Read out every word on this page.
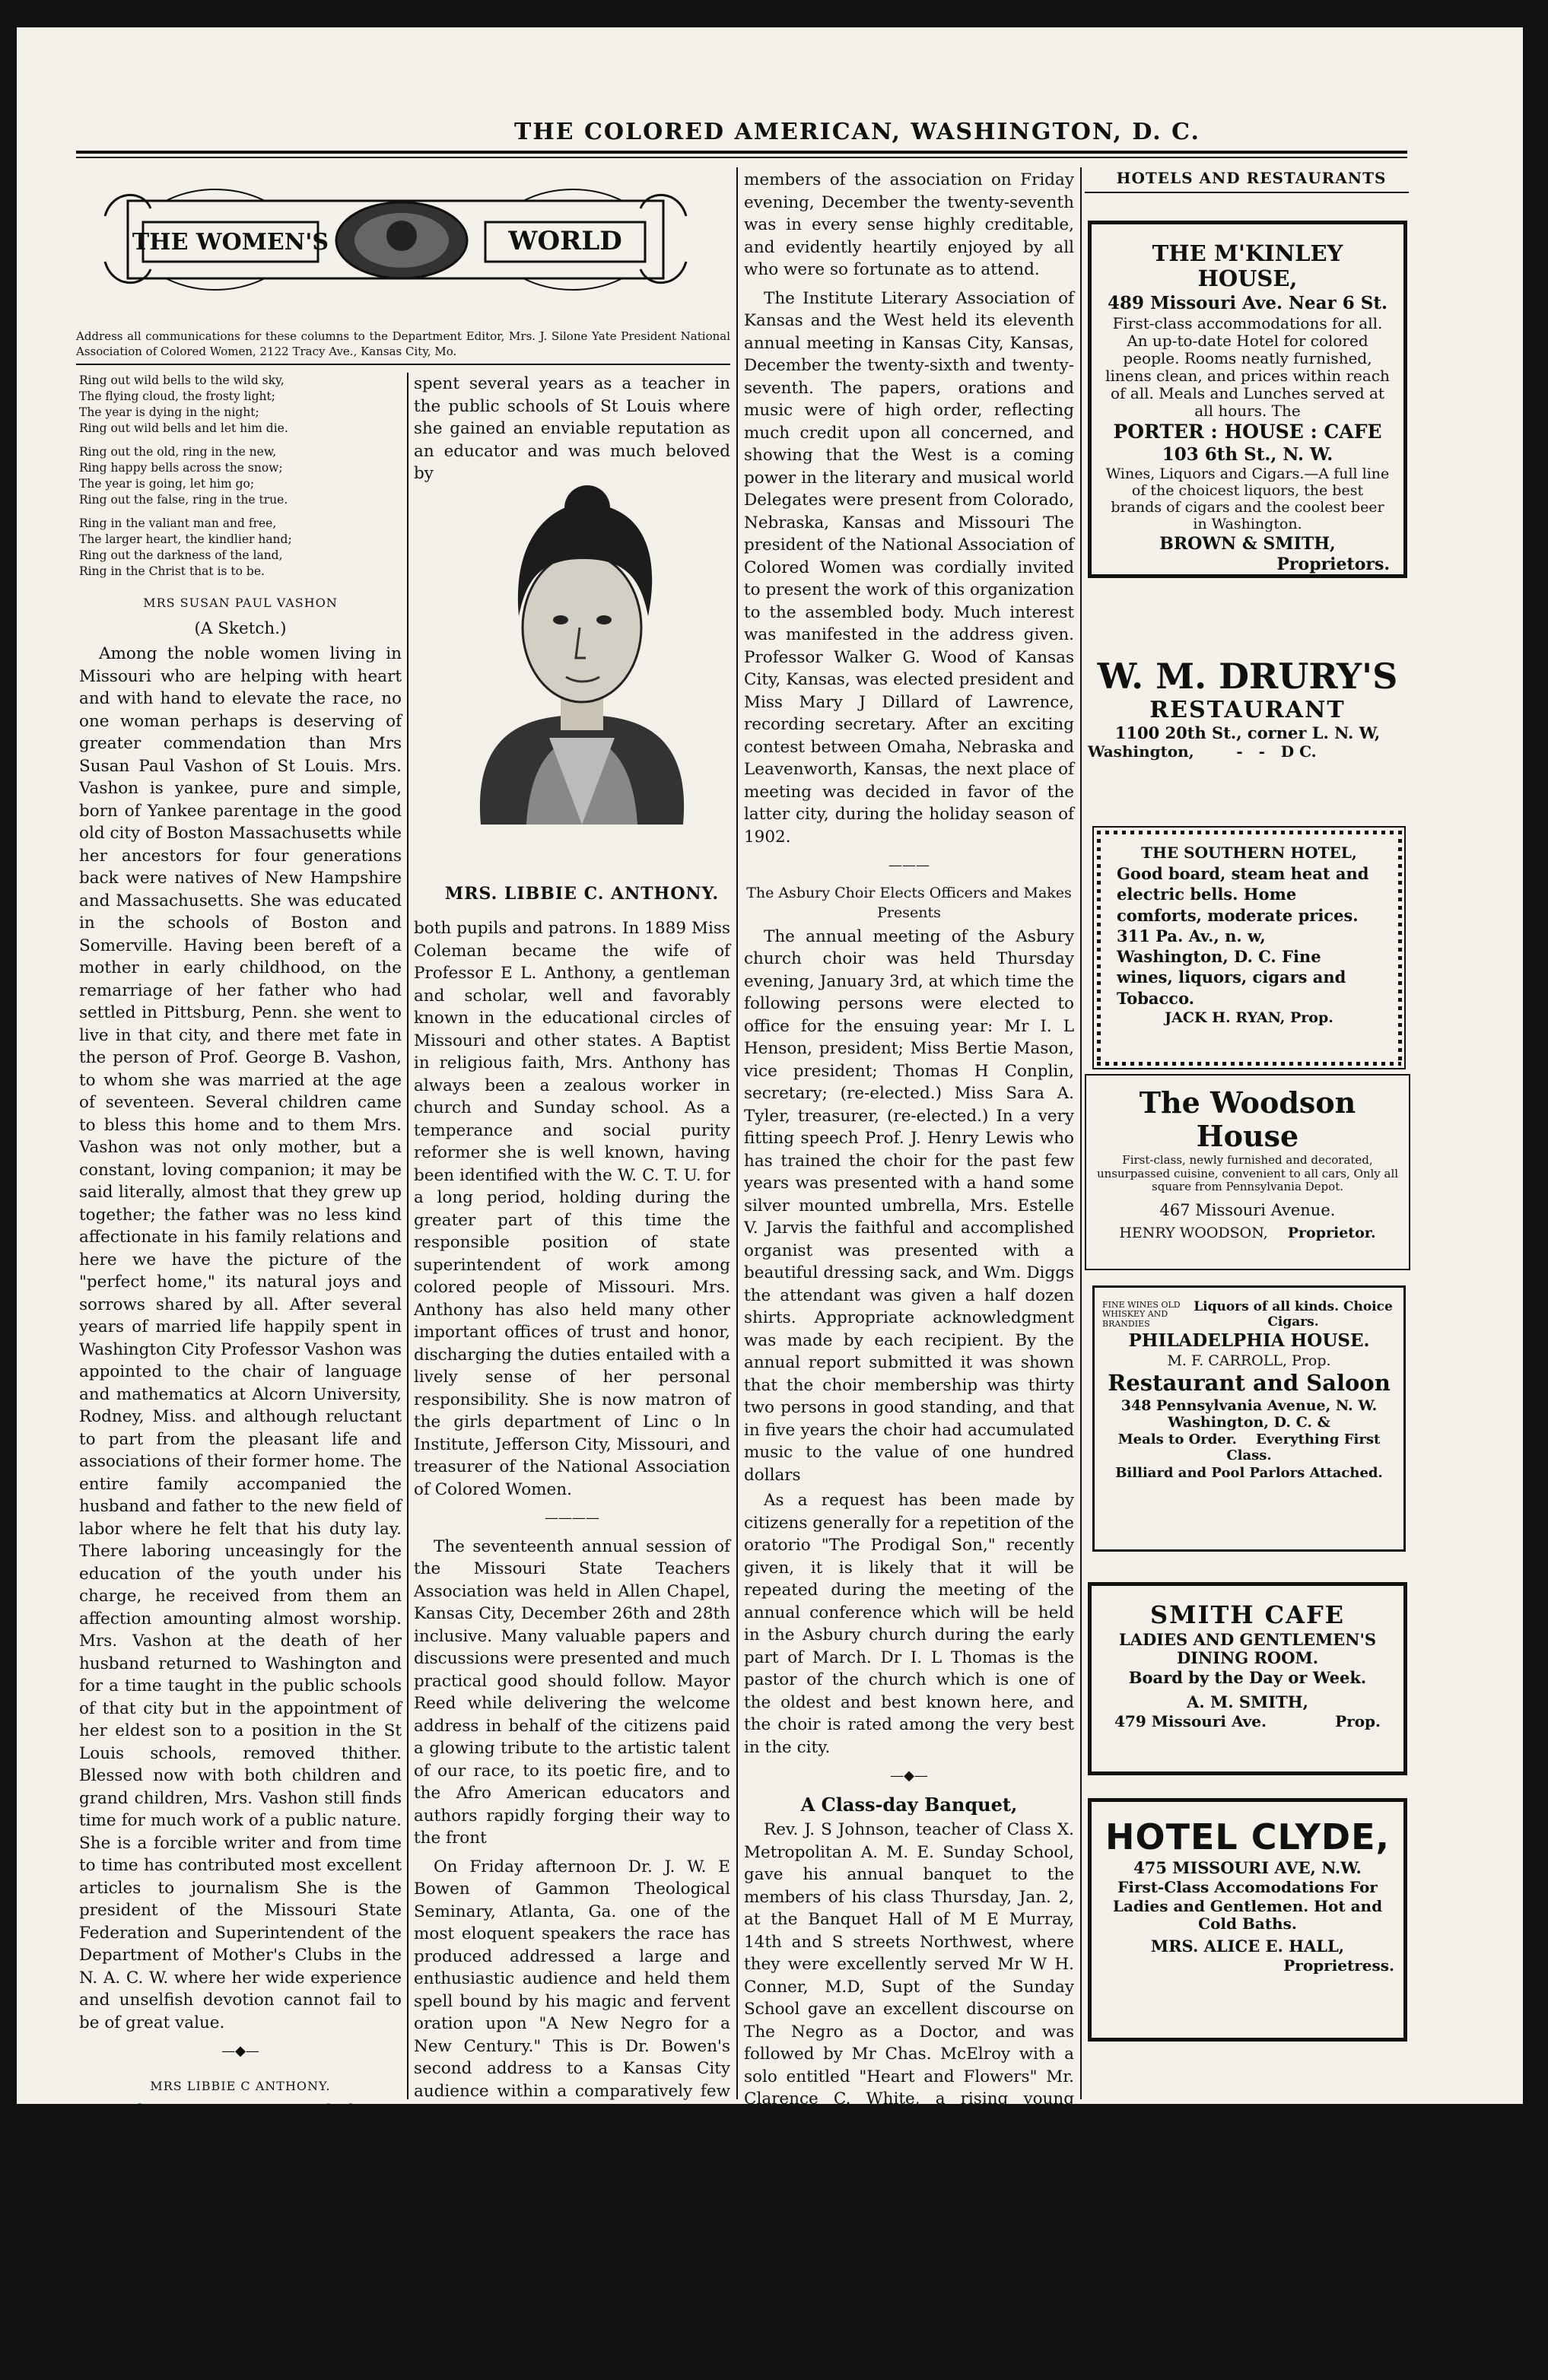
THE COLORED AMERICAN, WASHINGTON, D. C.
THE WOMEN'S	WORLD
Address all communications for these columns to the Department Editor, Mrs. J. Silone Yate President National Association of Colored Women, 2122 Tracy Ave., Kansas City, Mo.
Ring out wild bells to the wild sky,
The flying cloud, the frosty light;
The year is dying in the night;
Ring out wild bells and let him die.
Ring out the old, ring in the new,
Ring happy bells across the snow;
The year is going, let him go;
Ring out the false, ring in the true.
Ring in the valiant man and free,
The larger heart, the kindlier hand;
Ring out the darkness of the land,
Ring in the Christ that is to be.
MRS SUSAN PAUL VASHON

(A Sketch.)

Among the noble women living in Missouri who are helping with heart and with hand to elevate the race, no one woman perhaps is deserving of greater commendation than Mrs Susan Paul Vashon of St Louis. Mrs. Vashon is yankee, pure and simple, born of Yankee parentage in the good old city of Boston Massachusetts while her ancestors for four generations back were natives of New Hampshire and Massachusetts. She was educated in the schools of Boston and Somerville. Having been bereft of a mother in early childhood, on the remarriage of her father who had settled in Pittsburg, Penn. she went to live in that city, and there met fate in the person of Prof. George B. Vashon, to whom she was married at the age of seventeen. Several children came to bless this home and to them Mrs. Vashon was not only mother, but a constant, loving companion; it may be said literally, almost that they grew up together; the father was no less kind affectionate in his family relations and here we have the picture of the "perfect home," its natural joys and sorrows shared by all. After several years of married life happily spent in Washington City Professor Vashon was appointed to the chair of language and mathematics at Alcorn University, Rodney, Miss. and although reluctant to part from the pleasant life and associations of their former home. The entire family accompanied the husband and father to the new field of labor where he felt that his duty lay. There laboring unceasingly for the education of the youth under his charge, he received from them an affection amounting almost worship. Mrs. Vashon at the death of her husband returned to Washington and for a time taught in the public schools of that city but in the appointment of her eldest son to a position in the St Louis schools, removed thither. Blessed now with both children and grand children, Mrs. Vashon still finds time for much work of a public nature. She is a forcible writer and from time to time has contributed most excellent articles to journalism She is the president of the Missouri State Federation and Superintendent of the Department of Mother's Clubs in the N. A. C. W. where her wide experience and unselfish devotion cannot fail to be of great value.

—◆—
MRS LIBBIE C ANTHONY.

Another Missouri woman of whom it may be said in a very truthful sense, "her life has been spent doing good" is Mrs. Libbie C. Anthony of Jefferson City. Mrs. Anthony is a native Missourian, and as Miss Coleman, was educated in the Missouri schools. She

spent several years as a teacher in the public schools of St Louis where she gained an enviable reputation as an educator and was much beloved by

MRS. LIBBIE C. ANTHONY.

both pupils and patrons. In 1889 Miss Coleman became the wife of Professor E L. Anthony, a gentleman and scholar, well and favorably known in the educational circles of Missouri and other states. A Baptist in religious faith, Mrs. Anthony has always been a zealous worker in church and Sunday school. As a temperance and social purity reformer she is well known, having been identified with the W. C. T. U. for a long period, holding during the greater part of this time the responsible position of state superintendent of work among colored people of Missouri. Mrs. Anthony has also held many other important offices of trust and honor, discharging the duties entailed with a lively sense of her personal responsibility. She is now matron of the girls department of Linc o ln Institute, Jefferson City, Missouri, and treasurer of the National Association of Colored Women.

————

The seventeenth annual session of the Missouri State Teachers Association was held in Allen Chapel, Kansas City, December 26th and 28th inclusive. Many valuable papers and discussions were presented and much practical good should follow. Mayor Reed while delivering the welcome address in behalf of the citizens paid a glowing tribute to the artistic talent of our race, to its poetic fire, and to the Afro American educators and authors rapidly forging their way to the front

On Friday afternoon Dr. J. W. E Bowen of Gammon Theological Seminary, Atlanta, Ga. one of the most eloquent speakers the race has produced addressed a large and enthusiastic audience and held them spell bound by his magic and fervent oration upon "A New Negro for a New Century." This is Dr. Bowen's second address to a Kansas City audience within a comparatively few weeks, but were he to return next week he would be just as heartily welcomed by both races as he has been in the past, and cannot come too often.

———

Kansas City's grand reception to

members of the association on Friday evening, December the twenty-seventh was in every sense highly creditable, and evidently heartily enjoyed by all who were so fortunate as to attend.

The Institute Literary Association of Kansas and the West held its eleventh annual meeting in Kansas City, Kansas, December the twenty-sixth and twenty-seventh. The papers, orations and music were of high order, reflecting much credit upon all concerned, and showing that the West is a coming power in the literary and musical world Delegates were present from Colorado, Nebraska, Kansas and Missouri The president of the National Association of Colored Women was cordially invited to present the work of this organization to the assembled body. Much interest was manifested in the address given. Professor Walker G. Wood of Kansas City, Kansas, was elected president and Miss Mary J Dillard of Lawrence, recording secretary. After an exciting contest between Omaha, Nebraska and Leavenworth, Kansas, the next place of meeting was decided in favor of the latter city, during the holiday season of 1902.

———

The Asbury Choir Elects Officers and Makes Presents

The annual meeting of the Asbury church choir was held Thursday evening, January 3rd, at which time the following persons were elected to office for the ensuing year: Mr I. L Henson, president; Miss Bertie Mason, vice president; Thomas H Conplin, secretary; (re-elected.) Miss Sara A. Tyler, treasurer, (re-elected.) In a very fitting speech Prof. J. Henry Lewis who has trained the choir for the past few years was presented with a hand some silver mounted umbrella, Mrs. Estelle V. Jarvis the faithful and accomplished organist was presented with a beautiful dressing sack, and Wm. Diggs the attendant was given a half dozen shirts. Appropriate acknowledgment was made by each recipient. By the annual report submitted it was shown that the choir membership was thirty two persons in good standing, and that in five years the choir had accumulated music to the value of one hundred dollars

As a request has been made by citizens generally for a repetition of the oratorio "The Prodigal Son," recently given, it is likely that it will be repeated during the meeting of the annual conference which will be held in the Asbury church during the early part of March. Dr I. L Thomas is the pastor of the church which is one of the oldest and best known here, and the choir is rated among the very best in the city.

—◆—

A Class-day Banquet,

Rev. J. S Johnson, teacher of Class X. Metropolitan A. M. E. Sunday School, gave his annual banquet to the members of his class Thursday, Jan. 2, at the Banquet Hall of M E Murray, 14th and S streets Northwest, where they were excellently served Mr W H. Conner, M.D, Supt of the Sunday School gave an excellent discourse on The Negro as a Doctor, and was followed by Mr Chas. McElroy with a solo entitled "Heart and Flowers" Mr. Clarence C. White, a rising young violinist spoke on the Negro as a Musician Among the other young men who spoke were Mr T. J Abrams, The Negro as a Soldier; Mr G. W. Parker, The Negro as a Lawyer; Mr W. T Clarke, The Negro as an Agriculturist and Mr. Wm: H. Wilkes, Religion. The other members present were Messrs. Roscoe Orme, R. L. Johnson, R. M. Goodwin, C. L. Payne, M.D, John F. Thomas, Wm. H Payne, Severn Taylor and W. C. English.

HOTELS AND RESTAURANTS
THE M'KINLEY HOUSE,
489 Missouri Ave. Near 6 St.
First-class accommodations for all. An up-to-date Hotel for colored people. Rooms neatly furnished, linens clean, and prices within reach of all. Meals and Lunches served at all hours. The
PORTER : HOUSE : CAFE
103 6th St., N. W.
Wines, Liquors and Cigars.—A full line of the choicest liquors, the best brands of cigars and the coolest beer in Washington.
BROWN & SMITH,
Proprietors.
W. M. DRURY'S
RESTAURANT
1100 20th St., corner L. N. W,
Washington,        -   -   D C.
THE SOUTHERN HOTEL,
Good board, steam heat and electric bells. Home comforts, moderate prices. 311 Pa. Av., n. w, Washington, D. C. Fine wines, liquors, cigars and Tobacco.
JACK H. RYAN, Prop.
The Woodson House
First-class, newly furnished and decorated, unsurpassed cuisine, convenient to all cars, Only all square from Pennsylvania Depot.
467 Missouri Avenue.
HENRY WOODSON, Proprietor.
FINE WINES OLD WHISKEY AND BRANDIES
Liquors of all kinds. Choice Cigars.
PHILADELPHIA HOUSE.
M. F. CARROLL, Prop.
Restaurant and Saloon
348 Pennsylvania Avenue, N. W. Washington, D. C. &
Meals to Order.    Everything First Class.
Billiard and Pool Parlors Attached.
SMITH CAFE
LADIES AND GENTLEMEN'S DINING ROOM.
Board by the Day or Week.
A. M. SMITH,
479 Missouri Ave.	Prop.
HOTEL CLYDE,
475 MISSOURI AVE, N.W.
First-Class Accomodations For
Ladies and Gentlemen. Hot and Cold Baths.
MRS. ALICE E. HALL,
Proprietress.
